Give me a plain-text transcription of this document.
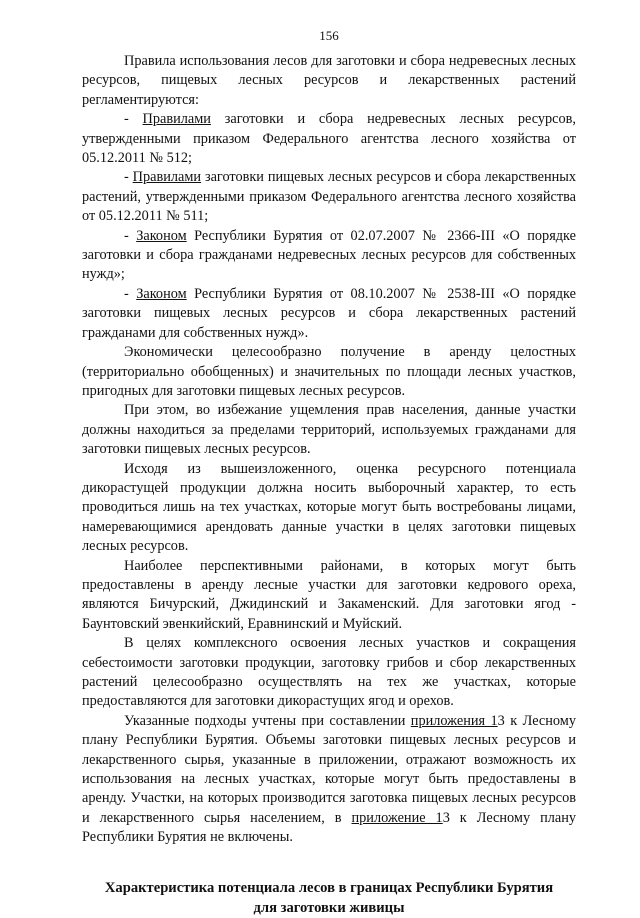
156

Правила использования лесов для заготовки и сбора недревесных лесных ресурсов, пищевых лесных ресурсов и лекарственных растений регламентируются:

- Правилами заготовки и сбора недревесных лесных ресурсов, утвержденными приказом Федерального агентства лесного хозяйства от 05.12.2011 № 512;

- Правилами заготовки пищевых лесных ресурсов и сбора лекарственных растений, утвержденными приказом Федерального агентства лесного хозяйства от 05.12.2011 № 511;

- Законом Республики Бурятия от 02.07.2007 № 2366-III «О порядке заготовки и сбора гражданами недревесных лесных ресурсов для собственных нужд»;

- Законом Республики Бурятия от 08.10.2007 № 2538-III «О порядке заготовки пищевых лесных ресурсов и сбора лекарственных растений гражданами для собственных нужд».

Экономически целесообразно получение в аренду целостных (территориально обобщенных) и значительных по площади лесных участков, пригодных для заготовки пищевых лесных ресурсов.

При этом, во избежание ущемления прав населения, данные участки должны находиться за пределами территорий, используемых гражданами для заготовки пищевых лесных ресурсов.

Исходя из вышеизложенного, оценка ресурсного потенциала дикорастущей продукции должна носить выборочный характер, то есть проводиться лишь на тех участках, которые могут быть востребованы лицами, намеревающимися арендовать данные участки в целях заготовки пищевых лесных ресурсов.

Наиболее перспективными районами, в которых могут быть предоставлены в аренду лесные участки для заготовки кедрового ореха, являются Бичурский, Джидинский и Закаменский. Для заготовки ягод - Баунтовский эвенкийский, Еравнинский и Муйский.

В целях комплексного освоения лесных участков и сокращения себестоимости заготовки продукции, заготовку грибов и сбор лекарственных растений целесообразно осуществлять на тех же участках, которые предоставляются для заготовки дикорастущих ягод и орехов.

Указанные подходы учтены при составлении приложения 13 к Лесному плану Республики Бурятия. Объемы заготовки пищевых лесных ресурсов и лекарственного сырья, указанные в приложении, отражают возможность их использования на лесных участках, которые могут быть предоставлены в аренду. Участки, на которых производится заготовка пищевых лесных ресурсов и лекарственного сырья населением, в приложение 13 к Лесному плану Республики Бурятия не включены.

Характеристика потенциала лесов в границах Республики Бурятия
для заготовки живицы
